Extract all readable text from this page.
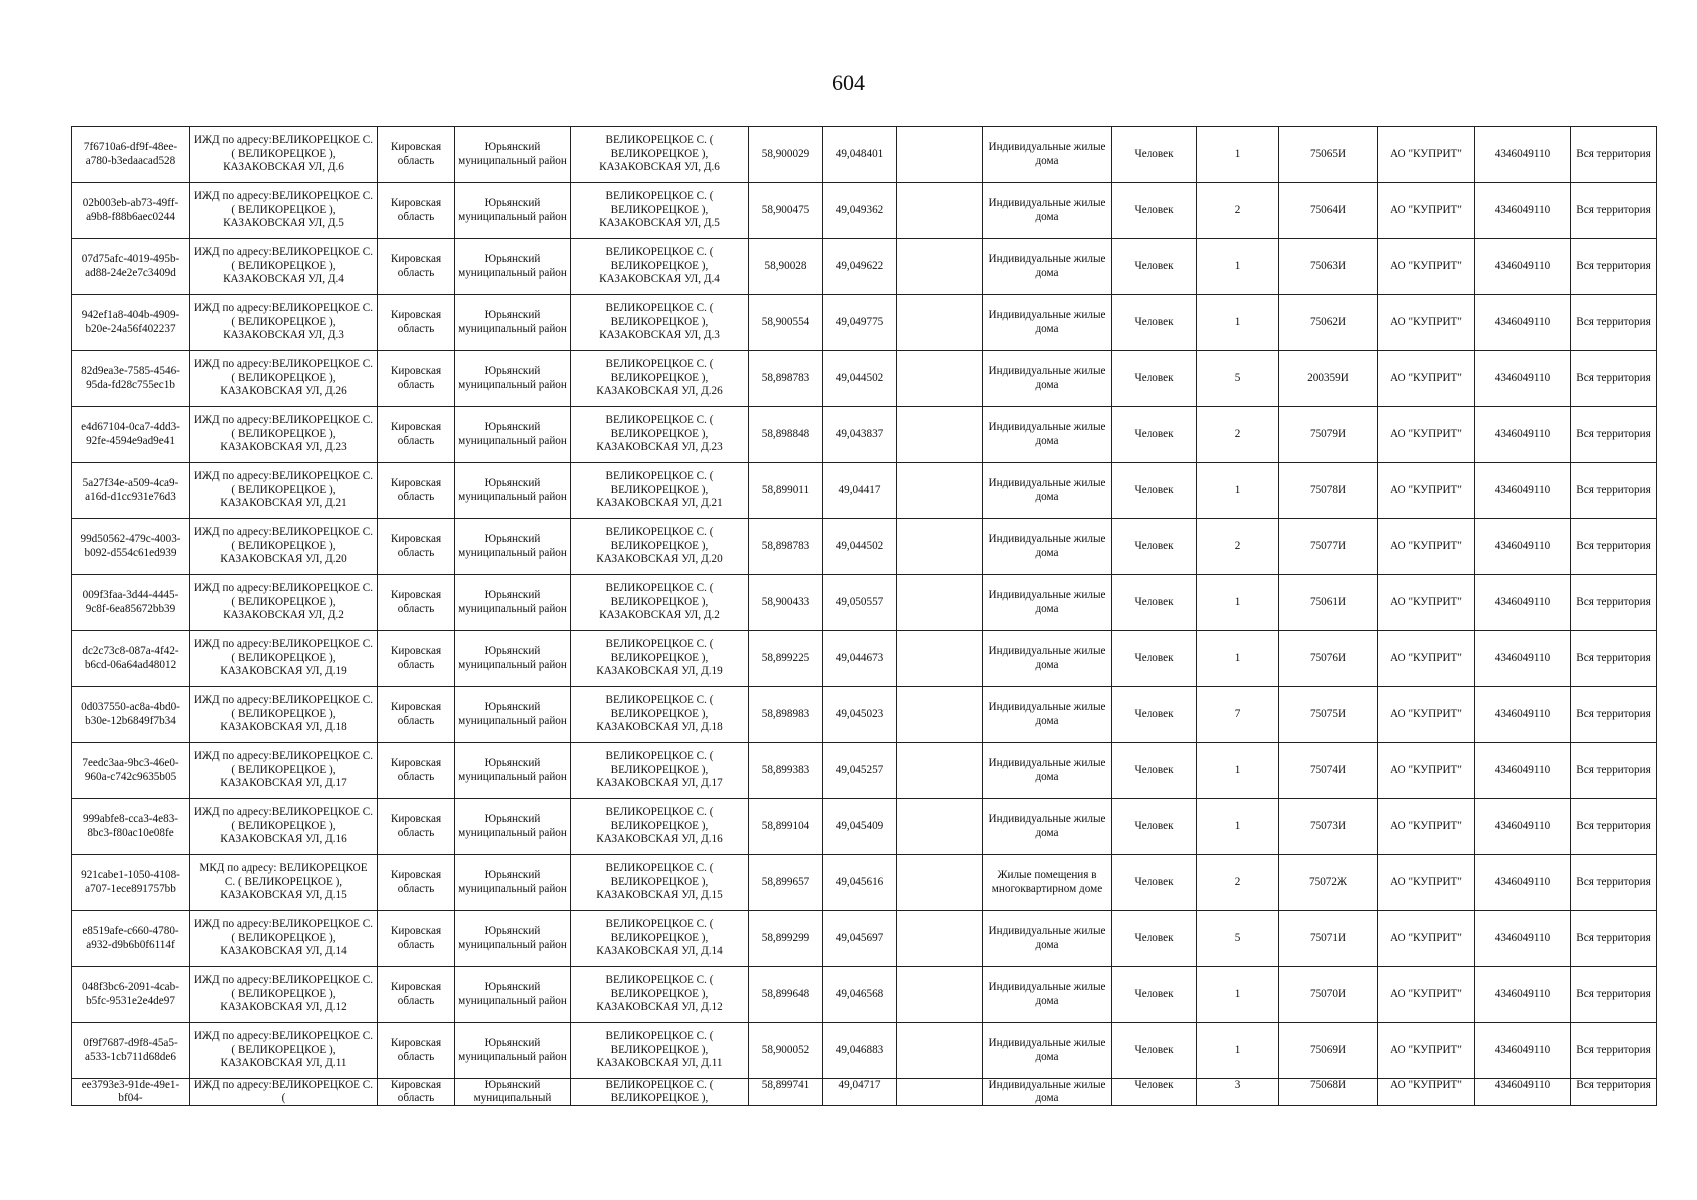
604
7f6710a6-df9f-48ee-a780-b3edaacad528	ИЖД по адресу:ВЕЛИКОРЕЦКОЕ С. ( ВЕЛИКОРЕЦКОЕ ), КАЗАКОВСКАЯ УЛ, Д.6	Кировская область	Юрьянский муниципальный район	ВЕЛИКОРЕЦКОЕ С. ( ВЕЛИКОРЕЦКОЕ ), КАЗАКОВСКАЯ УЛ, Д.6	58,900029	49,048401		Индивидуальные жилые дома	Человек	1	75065И	АО "КУПРИТ"	4346049110	Вся территория

02b003eb-ab73-49ff-a9b8-f88b6aec0244	ИЖД по адресу:ВЕЛИКОРЕЦКОЕ С. ( ВЕЛИКОРЕЦКОЕ ), КАЗАКОВСКАЯ УЛ, Д.5	Кировская область	Юрьянский муниципальный район	ВЕЛИКОРЕЦКОЕ С. ( ВЕЛИКОРЕЦКОЕ ), КАЗАКОВСКАЯ УЛ, Д.5	58,900475	49,049362		Индивидуальные жилые дома	Человек	2	75064И	АО "КУПРИТ"	4346049110	Вся территория

07d75afc-4019-495b-ad88-24e2e7c3409d	ИЖД по адресу:ВЕЛИКОРЕЦКОЕ С. ( ВЕЛИКОРЕЦКОЕ ), КАЗАКОВСКАЯ УЛ, Д.4	Кировская область	Юрьянский муниципальный район	ВЕЛИКОРЕЦКОЕ С. ( ВЕЛИКОРЕЦКОЕ ), КАЗАКОВСКАЯ УЛ, Д.4	58,90028	49,049622		Индивидуальные жилые дома	Человек	1	75063И	АО "КУПРИТ"	4346049110	Вся территория

942ef1a8-404b-4909-b20e-24a56f402237	ИЖД по адресу:ВЕЛИКОРЕЦКОЕ С. ( ВЕЛИКОРЕЦКОЕ ), КАЗАКОВСКАЯ УЛ, Д.3	Кировская область	Юрьянский муниципальный район	ВЕЛИКОРЕЦКОЕ С. ( ВЕЛИКОРЕЦКОЕ ), КАЗАКОВСКАЯ УЛ, Д.3	58,900554	49,049775		Индивидуальные жилые дома	Человек	1	75062И	АО "КУПРИТ"	4346049110	Вся территория

82d9ea3e-7585-4546-95da-fd28c755ec1b	ИЖД по адресу:ВЕЛИКОРЕЦКОЕ С. ( ВЕЛИКОРЕЦКОЕ ), КАЗАКОВСКАЯ УЛ, Д.26	Кировская область	Юрьянский муниципальный район	ВЕЛИКОРЕЦКОЕ С. ( ВЕЛИКОРЕЦКОЕ ), КАЗАКОВСКАЯ УЛ, Д.26	58,898783	49,044502		Индивидуальные жилые дома	Человек	5	200359И	АО "КУПРИТ"	4346049110	Вся территория

e4d67104-0ca7-4dd3-92fe-4594e9ad9e41	ИЖД по адресу:ВЕЛИКОРЕЦКОЕ С. ( ВЕЛИКОРЕЦКОЕ ), КАЗАКОВСКАЯ УЛ, Д.23	Кировская область	Юрьянский муниципальный район	ВЕЛИКОРЕЦКОЕ С. ( ВЕЛИКОРЕЦКОЕ ), КАЗАКОВСКАЯ УЛ, Д.23	58,898848	49,043837		Индивидуальные жилые дома	Человек	2	75079И	АО "КУПРИТ"	4346049110	Вся территория

5a27f34e-a509-4ca9-a16d-d1cc931e76d3	ИЖД по адресу:ВЕЛИКОРЕЦКОЕ С. ( ВЕЛИКОРЕЦКОЕ ), КАЗАКОВСКАЯ УЛ, Д.21	Кировская область	Юрьянский муниципальный район	ВЕЛИКОРЕЦКОЕ С. ( ВЕЛИКОРЕЦКОЕ ), КАЗАКОВСКАЯ УЛ, Д.21	58,899011	49,04417		Индивидуальные жилые дома	Человек	1	75078И	АО "КУПРИТ"	4346049110	Вся территория

99d50562-479c-4003-b092-d554c61ed939	ИЖД по адресу:ВЕЛИКОРЕЦКОЕ С. ( ВЕЛИКОРЕЦКОЕ ), КАЗАКОВСКАЯ УЛ, Д.20	Кировская область	Юрьянский муниципальный район	ВЕЛИКОРЕЦКОЕ С. ( ВЕЛИКОРЕЦКОЕ ), КАЗАКОВСКАЯ УЛ, Д.20	58,898783	49,044502		Индивидуальные жилые дома	Человек	2	75077И	АО "КУПРИТ"	4346049110	Вся территория

009f3faa-3d44-4445-9c8f-6ea85672bb39	ИЖД по адресу:ВЕЛИКОРЕЦКОЕ С. ( ВЕЛИКОРЕЦКОЕ ), КАЗАКОВСКАЯ УЛ, Д.2	Кировская область	Юрьянский муниципальный район	ВЕЛИКОРЕЦКОЕ С. ( ВЕЛИКОРЕЦКОЕ ), КАЗАКОВСКАЯ УЛ, Д.2	58,900433	49,050557		Индивидуальные жилые дома	Человек	1	75061И	АО "КУПРИТ"	4346049110	Вся территория

dc2c73c8-087a-4f42-b6cd-06a64ad48012	ИЖД по адресу:ВЕЛИКОРЕЦКОЕ С. ( ВЕЛИКОРЕЦКОЕ ), КАЗАКОВСКАЯ УЛ, Д.19	Кировская область	Юрьянский муниципальный район	ВЕЛИКОРЕЦКОЕ С. ( ВЕЛИКОРЕЦКОЕ ), КАЗАКОВСКАЯ УЛ, Д.19	58,899225	49,044673		Индивидуальные жилые дома	Человек	1	75076И	АО "КУПРИТ"	4346049110	Вся территория

0d037550-ac8a-4bd0-b30e-12b6849f7b34	ИЖД по адресу:ВЕЛИКОРЕЦКОЕ С. ( ВЕЛИКОРЕЦКОЕ ), КАЗАКОВСКАЯ УЛ, Д.18	Кировская область	Юрьянский муниципальный район	ВЕЛИКОРЕЦКОЕ С. ( ВЕЛИКОРЕЦКОЕ ), КАЗАКОВСКАЯ УЛ, Д.18	58,898983	49,045023		Индивидуальные жилые дома	Человек	7	75075И	АО "КУПРИТ"	4346049110	Вся территория

7eedc3aa-9bc3-46e0-960a-c742c9635b05	ИЖД по адресу:ВЕЛИКОРЕЦКОЕ С. ( ВЕЛИКОРЕЦКОЕ ), КАЗАКОВСКАЯ УЛ, Д.17	Кировская область	Юрьянский муниципальный район	ВЕЛИКОРЕЦКОЕ С. ( ВЕЛИКОРЕЦКОЕ ), КАЗАКОВСКАЯ УЛ, Д.17	58,899383	49,045257		Индивидуальные жилые дома	Человек	1	75074И	АО "КУПРИТ"	4346049110	Вся территория

999abfe8-cca3-4e83-8bc3-f80ac10e08fe	ИЖД по адресу:ВЕЛИКОРЕЦКОЕ С. ( ВЕЛИКОРЕЦКОЕ ), КАЗАКОВСКАЯ УЛ, Д.16	Кировская область	Юрьянский муниципальный район	ВЕЛИКОРЕЦКОЕ С. ( ВЕЛИКОРЕЦКОЕ ), КАЗАКОВСКАЯ УЛ, Д.16	58,899104	49,045409		Индивидуальные жилые дома	Человек	1	75073И	АО "КУПРИТ"	4346049110	Вся территория

921cabe1-1050-4108-a707-1ece891757bb	МКД по адресу: ВЕЛИКОРЕЦКОЕ С. ( ВЕЛИКОРЕЦКОЕ ), КАЗАКОВСКАЯ УЛ, Д.15	Кировская область	Юрьянский муниципальный район	ВЕЛИКОРЕЦКОЕ С. ( ВЕЛИКОРЕЦКОЕ ), КАЗАКОВСКАЯ УЛ, Д.15	58,899657	49,045616		Жилые помещения в многоквартирном доме	Человек	2	75072Ж	АО "КУПРИТ"	4346049110	Вся территория

e8519afe-c660-4780-a932-d9b6b0f6114f	ИЖД по адресу:ВЕЛИКОРЕЦКОЕ С. ( ВЕЛИКОРЕЦКОЕ ), КАЗАКОВСКАЯ УЛ, Д.14	Кировская область	Юрьянский муниципальный район	ВЕЛИКОРЕЦКОЕ С. ( ВЕЛИКОРЕЦКОЕ ), КАЗАКОВСКАЯ УЛ, Д.14	58,899299	49,045697		Индивидуальные жилые дома	Человек	5	75071И	АО "КУПРИТ"	4346049110	Вся территория

048f3bc6-2091-4cab-b5fc-9531e2e4de97	ИЖД по адресу:ВЕЛИКОРЕЦКОЕ С. ( ВЕЛИКОРЕЦКОЕ ), КАЗАКОВСКАЯ УЛ, Д.12	Кировская область	Юрьянский муниципальный район	ВЕЛИКОРЕЦКОЕ С. ( ВЕЛИКОРЕЦКОЕ ), КАЗАКОВСКАЯ УЛ, Д.12	58,899648	49,046568		Индивидуальные жилые дома	Человек	1	75070И	АО "КУПРИТ"	4346049110	Вся территория

0f9f7687-d9f8-45a5-a533-1cb711d68de6	ИЖД по адресу:ВЕЛИКОРЕЦКОЕ С. ( ВЕЛИКОРЕЦКОЕ ), КАЗАКОВСКАЯ УЛ, Д.11	Кировская область	Юрьянский муниципальный район	ВЕЛИКОРЕЦКОЕ С. ( ВЕЛИКОРЕЦКОЕ ), КАЗАКОВСКАЯ УЛ, Д.11	58,900052	49,046883		Индивидуальные жилые дома	Человек	1	75069И	АО "КУПРИТ"	4346049110	Вся территория

ee3793e3-91de-49e1-bf04-	ИЖД по адресу:ВЕЛИКОРЕЦКОЕ С. (	Кировская область	Юрьянский муниципальный	ВЕЛИКОРЕЦКОЕ С. ( ВЕЛИКОРЕЦКОЕ ),	58,899741	49,04717		Индивидуальные жилые дома	Человек	3	75068И	АО "КУПРИТ"	4346049110	Вся территория
